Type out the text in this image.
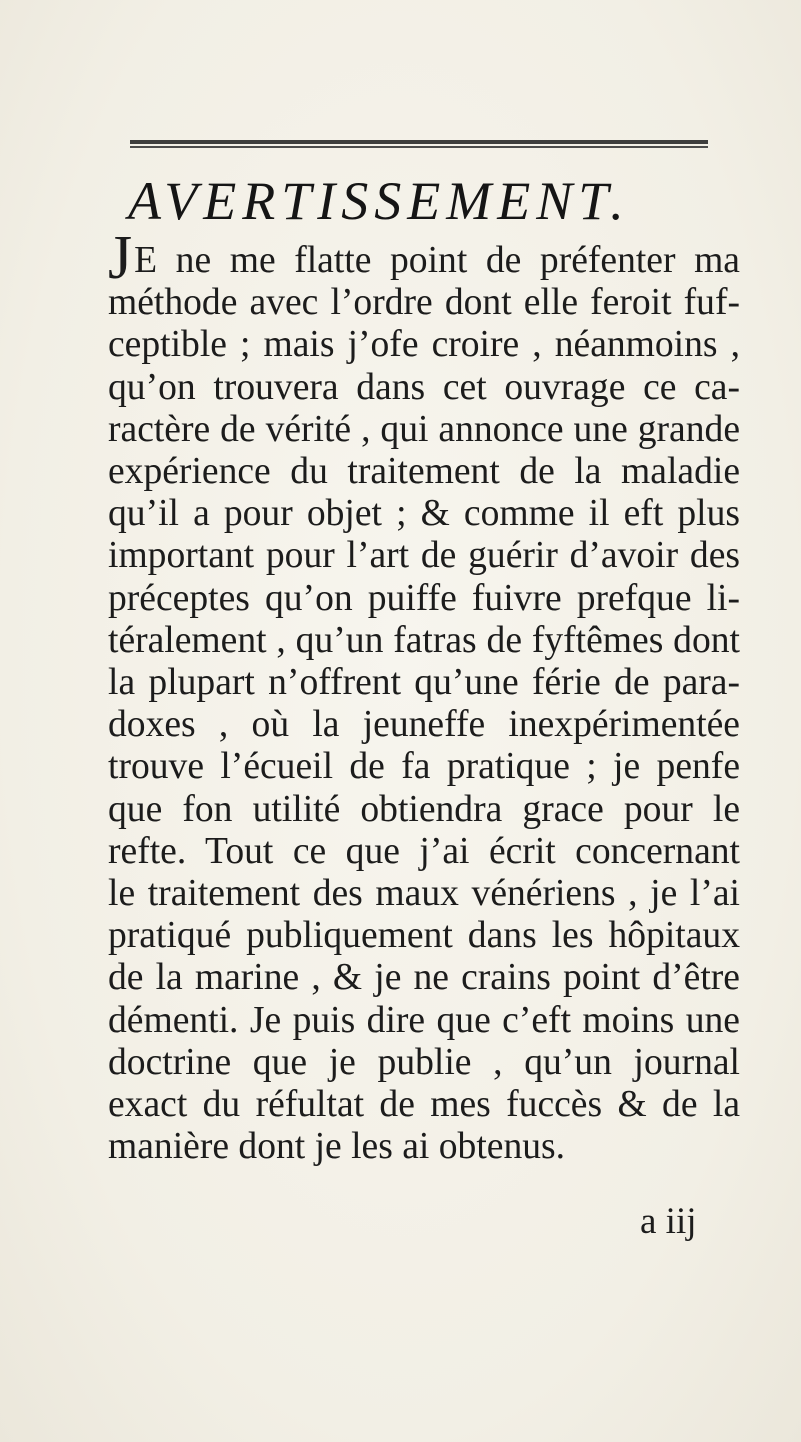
AVERTISSEMENT.
JE ne me flatte point de préfenter ma
méthode avec l’ordre dont elle feroit fuf-
ceptible ; mais j’ofe croire , néanmoins ,
qu’on trouvera dans cet ouvrage ce ca-
ractère de vérité , qui annonce une grande
expérience du traitement de la maladie
qu’il a pour objet ; & comme il eft plus
important pour l’art de guérir d’avoir des
préceptes qu’on puiffe fuivre prefque li-
téralement , qu’un fatras de fyftêmes dont
la plupart n’offrent qu’une férie de para-
doxes , où la jeuneffe inexpérimentée
trouve l’écueil de fa pratique ; je penfe
que fon utilité obtiendra grace pour le
refte. Tout ce que j’ai écrit concernant
le traitement des maux vénériens , je l’ai
pratiqué publiquement dans les hôpitaux
de la marine , & je ne crains point d’être
démenti. Je puis dire que c’eft moins une
doctrine que je publie , qu’un journal
exact du réfultat de mes fuccès & de la
manière dont je les ai obtenus.

a iij
